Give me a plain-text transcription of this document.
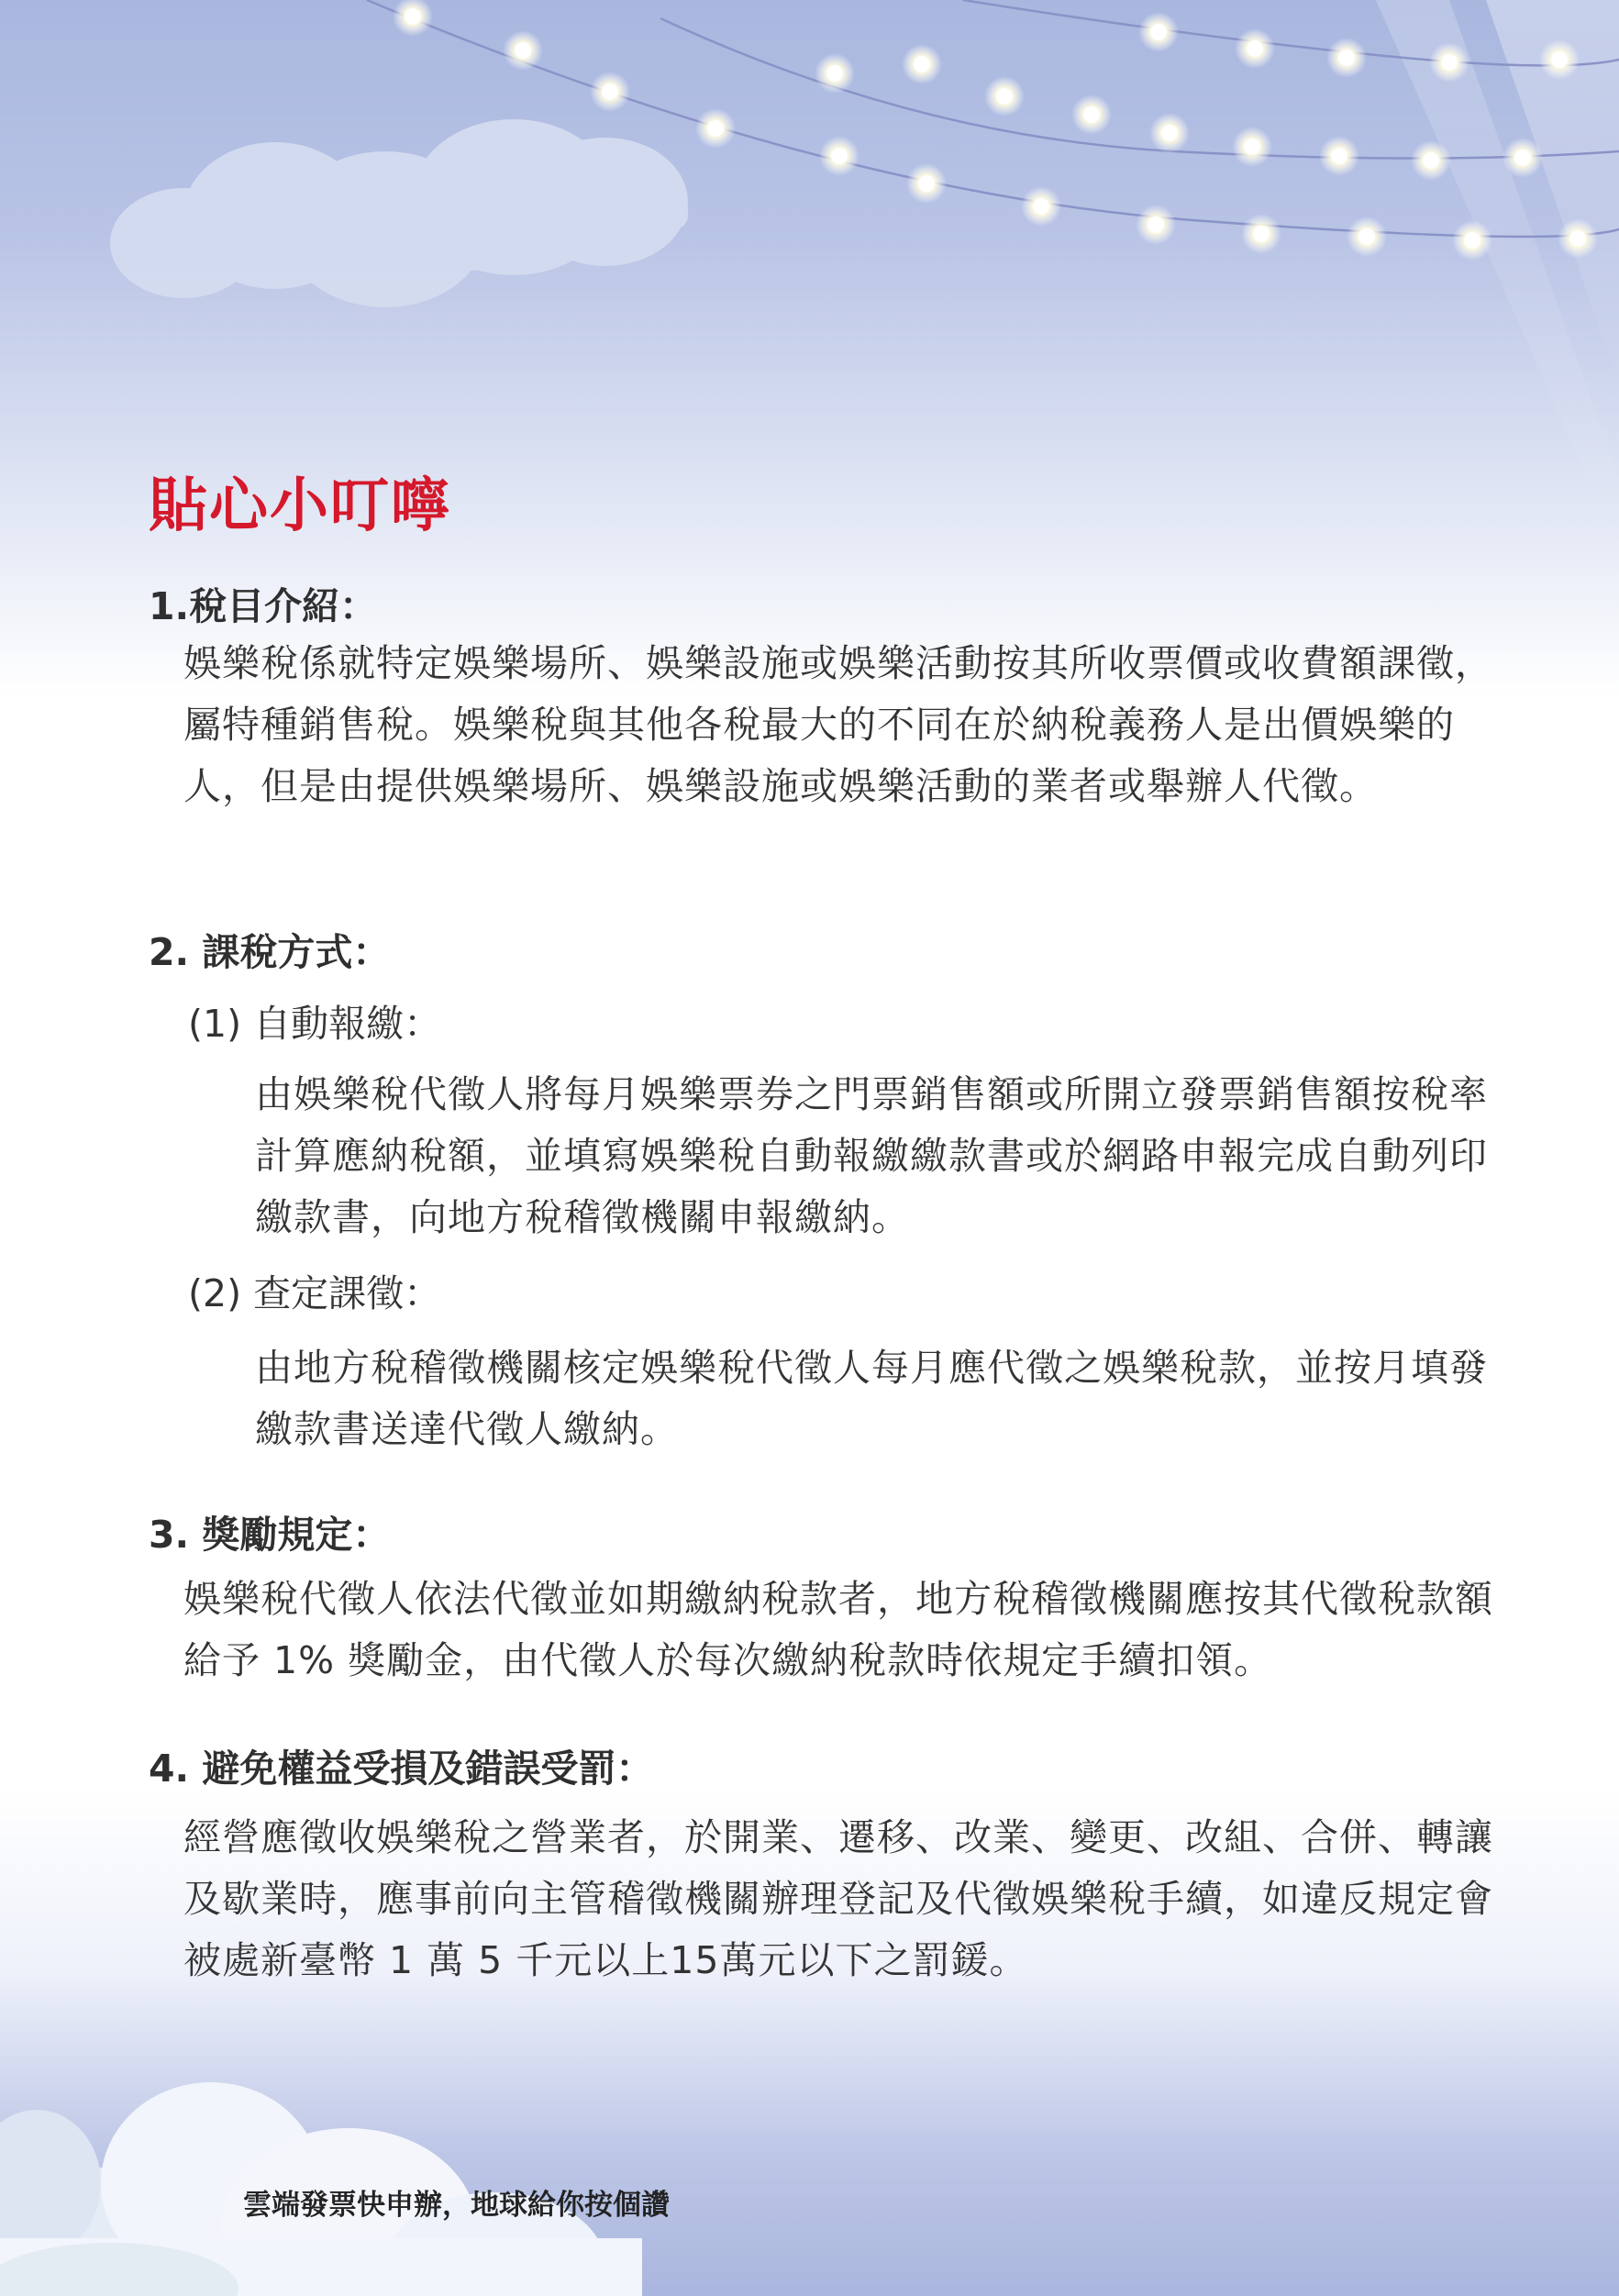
貼心小叮嚀
1.稅目介紹：

娛樂稅係就特定娛樂場所、娛樂設施或娛樂活動按其所收票價或收費額課徵，屬特種銷售稅。娛樂稅與其他各稅最大的不同在於納稅義務人是出價娛樂的人，但是由提供娛樂場所、娛樂設施或娛樂活動的業者或舉辦人代徵。

2. 課稅方式：

(1) 自動報繳：

由娛樂稅代徵人將每月娛樂票券之門票銷售額或所開立發票銷售額按稅率計算應納稅額，並填寫娛樂稅自動報繳繳款書或於網路申報完成自動列印繳款書，向地方稅稽徵機關申報繳納。

(2) 查定課徵：

由地方稅稽徵機關核定娛樂稅代徵人每月應代徵之娛樂稅款，並按月填發繳款書送達代徵人繳納。

3. 獎勵規定：

娛樂稅代徵人依法代徵並如期繳納稅款者，地方稅稽徵機關應按其代徵稅款額給予 1% 獎勵金，由代徵人於每次繳納稅款時依規定手續扣領。

4. 避免權益受損及錯誤受罰：

經營應徵收娛樂稅之營業者，於開業、遷移、改業、變更、改組、合併、轉讓及歇業時，應事前向主管稽徵機關辦理登記及代徵娛樂稅手續，如違反規定會被處新臺幣 1 萬 5 千元以上15萬元以下之罰鍰。

雲端發票快申辦，地球給你按個讚
